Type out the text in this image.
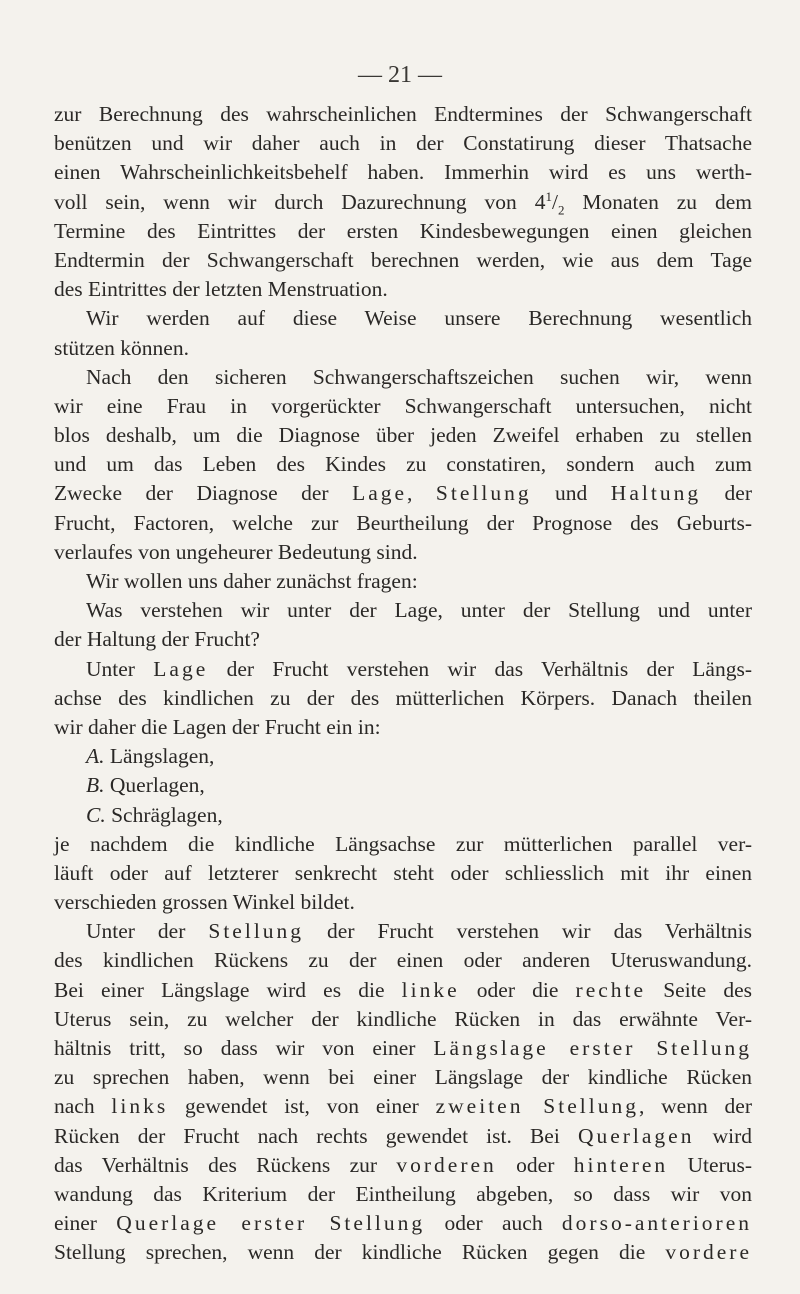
— 21 —
zur Berechnung des wahrscheinlichen Endtermines der Schwangerschaft
benützen und wir daher auch in der Constatirung dieser Thatsache
einen Wahrscheinlichkeitsbehelf haben. Immerhin wird es uns werth-
voll sein, wenn wir durch Dazurechnung von $4^1/_2$ Monaten zu dem
Termine des Eintrittes der ersten Kindesbewegungen einen gleichen
Endtermin der Schwangerschaft berechnen werden, wie aus dem Tage
des Eintrittes der letzten Menstruation.
Wir werden auf diese Weise unsere Berechnung wesentlich
stützen können.
Nach den sicheren Schwangerschaftszeichen suchen wir, wenn
wir eine Frau in vorgerückter Schwangerschaft untersuchen, nicht
blos deshalb, um die Diagnose über jeden Zweifel erhaben zu stellen
und um das Leben des Kindes zu constatiren, sondern auch zum
Zwecke der Diagnose der Lage, Stellung und Haltung der
Frucht, Factoren, welche zur Beurtheilung der Prognose des Geburts-
verlaufes von ungeheurer Bedeutung sind.
Wir wollen uns daher zunächst fragen:
Was verstehen wir unter der Lage, unter der Stellung und unter
der Haltung der Frucht?
Unter Lage der Frucht verstehen wir das Verhältnis der Längs-
achse des kindlichen zu der des mütterlichen Körpers. Danach theilen
wir daher die Lagen der Frucht ein in:
A. Längslagen,
B. Querlagen,
C. Schräglagen,
je nachdem die kindliche Längsachse zur mütterlichen parallel ver-
läuft oder auf letzterer senkrecht steht oder schliesslich mit ihr einen
verschieden grossen Winkel bildet.
Unter der Stellung der Frucht verstehen wir das Verhältnis
des kindlichen Rückens zu der einen oder anderen Uteruswandung.
Bei einer Längslage wird es die linke oder die rechte Seite des
Uterus sein, zu welcher der kindliche Rücken in das erwähnte Ver-
hältnis tritt, so dass wir von einer Längslage erster Stellung
zu sprechen haben, wenn bei einer Längslage der kindliche Rücken
nach links gewendet ist, von einer zweiten Stellung, wenn der
Rücken der Frucht nach rechts gewendet ist. Bei Querlagen wird
das Verhältnis des Rückens zur vorderen oder hinteren Uterus-
wandung das Kriterium der Eintheilung abgeben, so dass wir von
einer Querlage erster Stellung oder auch dorso-anterioren
Stellung sprechen, wenn der kindliche Rücken gegen die vordere
